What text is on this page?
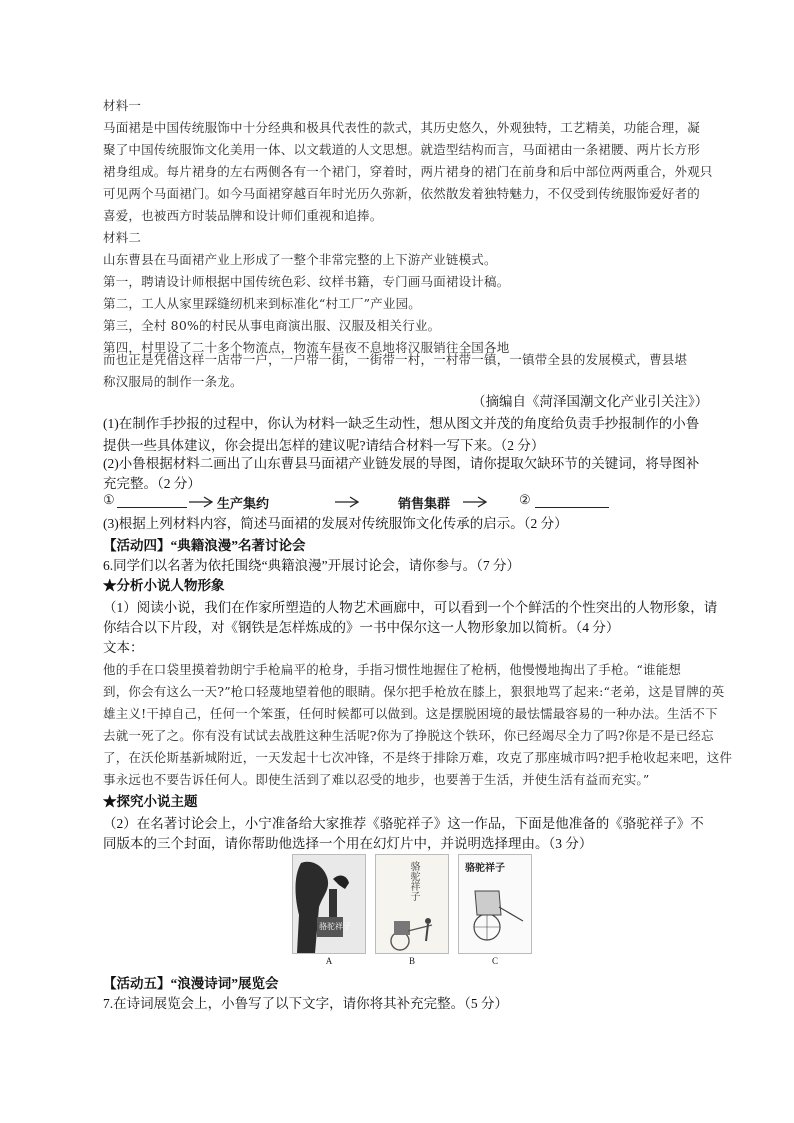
材料一
马面裙是中国传统服饰中十分经典和极具代表性的款式，其历史悠久，外观独特，工艺精美，功能合理，凝
聚了中国传统服饰文化美用一体、以文载道的人文思想。就造型结构而言，马面裙由一条裙腰、两片长方形
裙身组成。每片裙身的左右两侧各有一个裙门，穿着时，两片裙身的裙门在前身和后中部位两两重合，外观只
可见两个马面裙门。如今马面裙穿越百年时光历久弥新，依然散发着独特魅力，不仅受到传统服饰爱好者的
喜爱，也被西方时装品牌和设计师们重视和追捧。
材料二
山东曹县在马面裙产业上形成了一整个非常完整的上下游产业链模式。
第一，聘请设计师根据中国传统色彩、纹样书籍，专门画马面裙设计稿。
第二，工人从家里踩缝纫机来到标准化“村工厂”产业园。
第三，全村 80%的村民从事电商演出服、汉服及相关行业。
第四，村里设了二十多个物流点，物流车昼夜不息地将汉服销往全国各地
而也正是凭借这样一店带一户，一户带一街，一街带一村，一村带一镇，一镇带全县的发展模式，曹县堪
称汉服局的制作一条龙。
（摘编自《菏泽国潮文化产业引关注》）
(1)在制作手抄报的过程中，你认为材料一缺乏生动性，想从图文并茂的角度给负责手抄报制作的小鲁
提供一些具体建议，你会提出怎样的建议呢?请结合材料一写下来。（2 分）
(2)小鲁根据材料二画出了山东曹县马面裙产业链发展的导图，请你提取欠缺环节的关键词，将导图补
充完整。（2 分）
①	生产集约	销售集群	②
(3)根据上列材料内容，简述马面裙的发展对传统服饰文化传承的启示。（2 分）
【活动四】“典籍浪漫”名著讨论会
6.同学们以名著为依托围绕“典籍浪漫”开展讨论会，请你参与。（7 分）
★分析小说人物形象
（1）阅读小说，我们在作家所塑造的人物艺术画廊中，可以看到一个个鲜活的个性突出的人物形象，请
你结合以下片段，对《钢铁是怎样炼成的》一书中保尔这一人物形象加以简析。（4 分）
文本：
他的手在口袋里摸着勃朗宁手枪扁平的枪身，手指习惯性地握住了枪柄，他慢慢地掏出了手枪。“谁能想
到，你会有这么一天?”枪口轻蔑地望着他的眼睛。保尔把手枪放在膝上，狠狠地骂了起来:“老弟，这是冒牌的英
雄主义!干掉自己，任何一个笨蛋，任何时候都可以做到。这是摆脱困境的最怯懦最容易的一种办法。生活不下
去就一死了之。你有没有试试去战胜这种生活呢?你为了挣脱这个铁环，你已经竭尽全力了吗?你是不是已经忘
了，在沃伦斯基新城附近，一天发起十七次冲锋，不是终于排除万难，攻克了那座城市吗?把手枪收起来吧，这件
事永远也不要告诉任何人。即使生活到了难以忍受的地步，也要善于生活，并使生活有益而充实。”
★探究小说主题
（2）在名著讨论会上，小宁准备给大家推荐《骆驼祥子》这一作品，下面是他准备的《骆驼祥子》不
同版本的三个封面，请你帮助他选择一个用在幻灯片中，并说明选择理由。（3 分）
骆驼祥子
骆驼祥子	骆驼祥子
A	B	C
【活动五】“浪漫诗词”展览会
7.在诗词展览会上，小鲁写了以下文字，请你将其补充完整。（5 分）
